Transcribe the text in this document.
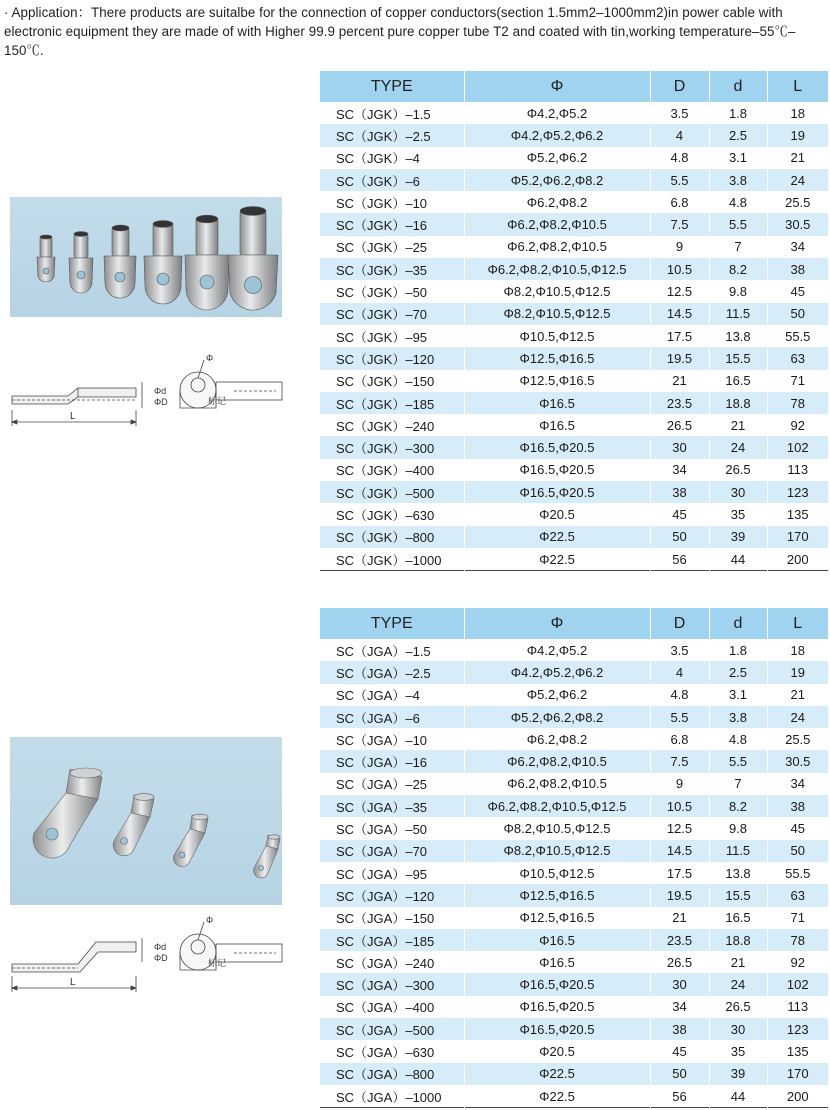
· Application：There products are suitalbe for the connection of copper conductors(section 1.5mm2–1000mm2)in power cable with electronic equipment they are made of with Higher 99.9 percent pure copper tube T2 and coated with tin,working temperature–55℃–150℃.
Φd
ΦD
L
Φ
标记
TYPE	Φ	D	d	L
SC（JGK）–1.5	Φ4.2,Φ5.2	3.5	1.8	18
SC（JGK）–2.5	Φ4.2,Φ5.2,Φ6.2	4	2.5	19
SC（JGK）–4	Φ5.2,Φ6.2	4.8	3.1	21
SC（JGK）–6	Φ5.2,Φ6.2,Φ8.2	5.5	3.8	24
SC（JGK）–10	Φ6.2,Φ8.2	6.8	4.8	25.5
SC（JGK）–16	Φ6.2,Φ8.2,Φ10.5	7.5	5.5	30.5
SC（JGK）–25	Φ6.2,Φ8.2,Φ10.5	9	7	34
SC（JGK）–35	Φ6.2,Φ8.2,Φ10.5,Φ12.5	10.5	8.2	38
SC（JGK）–50	Φ8.2,Φ10.5,Φ12.5	12.5	9.8	45
SC（JGK）–70	Φ8.2,Φ10.5,Φ12.5	14.5	11.5	50
SC（JGK）–95	Φ10.5,Φ12.5	17.5	13.8	55.5
SC（JGK）–120	Φ12.5,Φ16.5	19.5	15.5	63
SC（JGK）–150	Φ12.5,Φ16.5	21	16.5	71
SC（JGK）–185	Φ16.5	23.5	18.8	78
SC（JGK）–240	Φ16.5	26.5	21	92
SC（JGK）–300	Φ16.5,Φ20.5	30	24	102
SC（JGK）–400	Φ16.5,Φ20.5	34	26.5	113
SC（JGK）–500	Φ16.5,Φ20.5	38	30	123
SC（JGK）–630	Φ20.5	45	35	135
SC（JGK）–800	Φ22.5	50	39	170
SC（JGK）–1000	Φ22.5	56	44	200
Φd
ΦD
L
Φ
标记
TYPE	Φ	D	d	L
SC（JGA）–1.5	Φ4.2,Φ5.2	3.5	1.8	18
SC（JGA）–2.5	Φ4.2,Φ5.2,Φ6.2	4	2.5	19
SC（JGA）–4	Φ5.2,Φ6.2	4.8	3.1	21
SC（JGA）–6	Φ5.2,Φ6.2,Φ8.2	5.5	3.8	24
SC（JGA）–10	Φ6.2,Φ8.2	6.8	4.8	25.5
SC（JGA）–16	Φ6.2,Φ8.2,Φ10.5	7.5	5.5	30.5
SC（JGA）–25	Φ6.2,Φ8.2,Φ10.5	9	7	34
SC（JGA）–35	Φ6.2,Φ8.2,Φ10.5,Φ12.5	10.5	8.2	38
SC（JGA）–50	Φ8.2,Φ10.5,Φ12.5	12.5	9.8	45
SC（JGA）–70	Φ8.2,Φ10.5,Φ12.5	14.5	11.5	50
SC（JGA）–95	Φ10.5,Φ12.5	17.5	13.8	55.5
SC（JGA）–120	Φ12.5,Φ16.5	19.5	15.5	63
SC（JGA）–150	Φ12.5,Φ16.5	21	16.5	71
SC（JGA）–185	Φ16.5	23.5	18.8	78
SC（JGA）–240	Φ16.5	26.5	21	92
SC（JGA）–300	Φ16.5,Φ20.5	30	24	102
SC（JGA）–400	Φ16.5,Φ20.5	34	26.5	113
SC（JGA）–500	Φ16.5,Φ20.5	38	30	123
SC（JGA）–630	Φ20.5	45	35	135
SC（JGA）–800	Φ22.5	50	39	170
SC（JGA）–1000	Φ22.5	56	44	200
